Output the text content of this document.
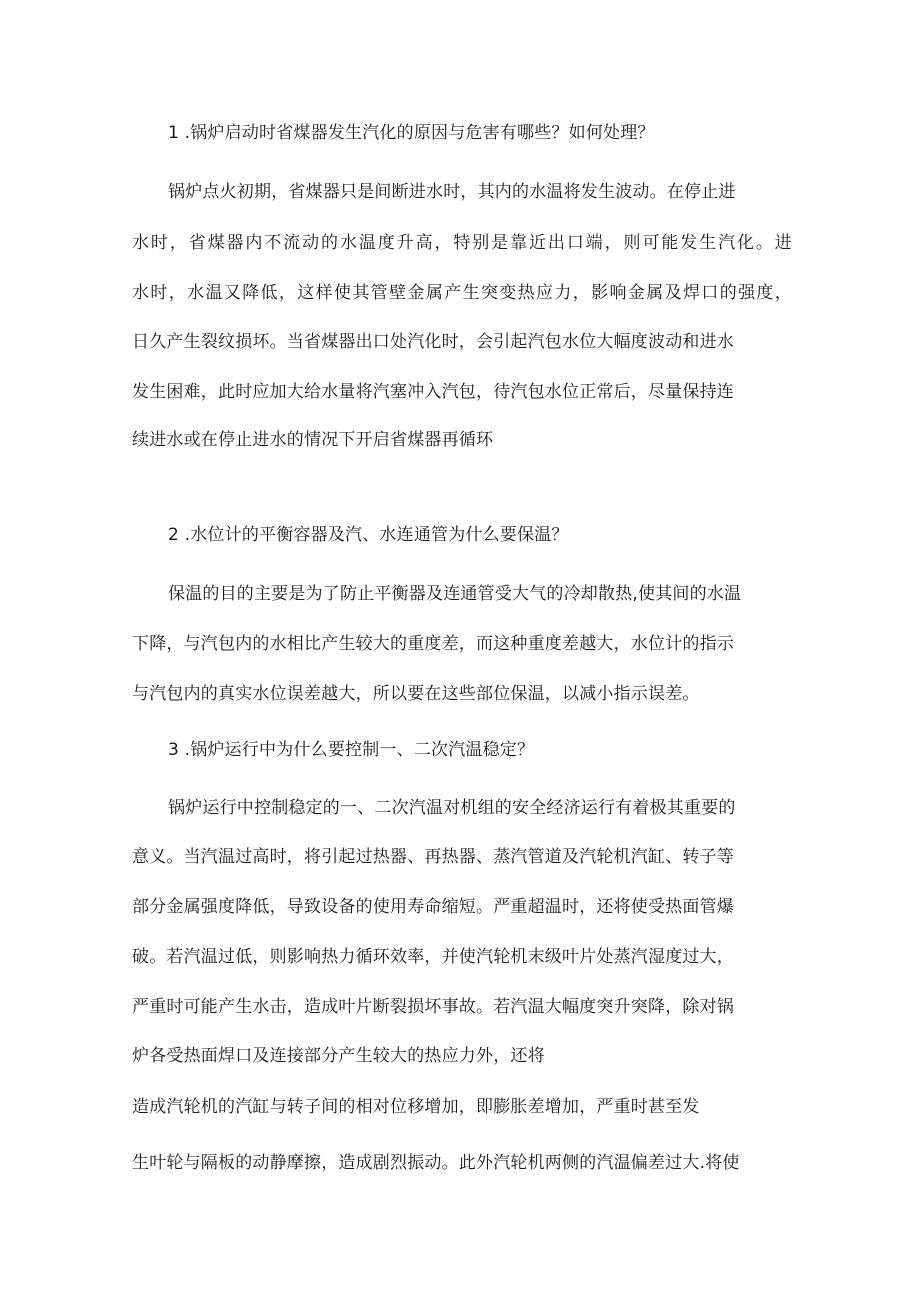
1 .锅炉启动时省煤器发生汽化的原因与危害有哪些？如何处理？
锅炉点火初期，省煤器只是间断进水时，其内的水温将发生波动。在停止进
水时，省煤器内不流动的水温度升高，特别是靠近出口端，则可能发生汽化。进
水时，水温又降低，这样使其管壁金属产生突变热应力，影响金属及焊口的强度，
日久产生裂纹损坏。当省煤器出口处汽化时，会引起汽包水位大幅度波动和进水
发生困难，此时应加大给水量将汽塞冲入汽包，待汽包水位正常后，尽量保持连
续进水或在停止进水的情况下开启省煤器再循环
2 .水位计的平衡容器及汽、水连通管为什么要保温？
保温的目的主要是为了防止平衡器及连通管受大气的冷却散热,使其间的水温
下降，与汽包内的水相比产生较大的重度差，而这种重度差越大，水位计的指示
与汽包内的真实水位误差越大，所以要在这些部位保温，以减小指示误差。
3 .锅炉运行中为什么要控制一、二次汽温稳定？
锅炉运行中控制稳定的一、二次汽温对机组的安全经济运行有着极其重要的
意义。当汽温过高时，将引起过热器、再热器、蒸汽管道及汽轮机汽缸、转子等
部分金属强度降低，导致设备的使用寿命缩短。严重超温时，还将使受热面管爆
破。若汽温过低，则影响热力循环效率，并使汽轮机末级叶片处蒸汽湿度过大，
严重时可能产生水击，造成叶片断裂损坏事故。若汽温大幅度突升突降，除对锅
炉各受热面焊口及连接部分产生较大的热应力外，还将
造成汽轮机的汽缸与转子间的相对位移增加，即膨胀差增加，严重时甚至发
生叶轮与隔板的动静摩擦，造成剧烈振动。此外汽轮机两侧的汽温偏差过大.将使
